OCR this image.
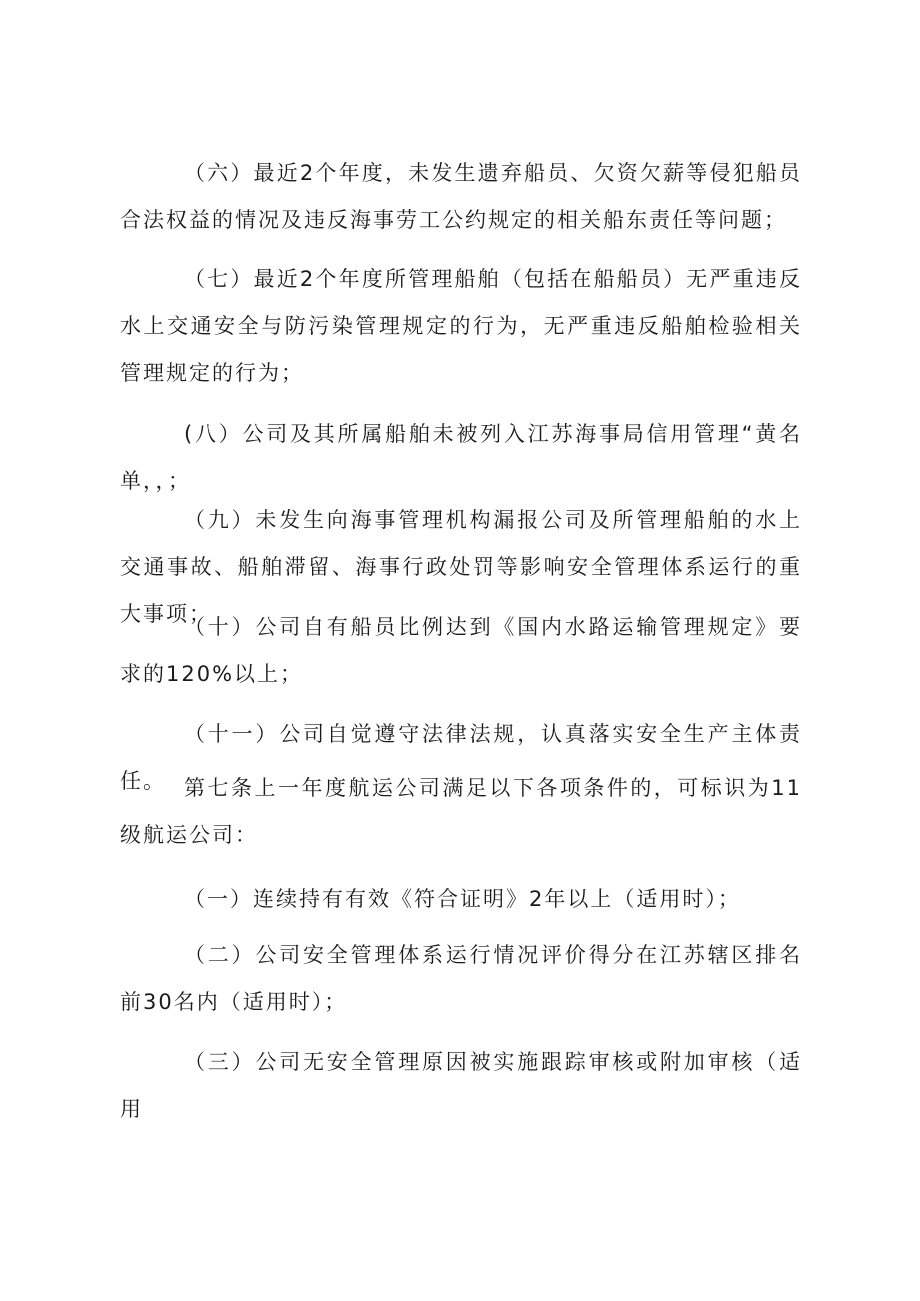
（六）最近2个年度，未发生遗弃船员、欠资欠薪等侵犯船员合法权益的情况及违反海事劳工公约规定的相关船东责任等问题；

（七）最近2个年度所管理船舶（包括在船船员）无严重违反水上交通安全与防污染管理规定的行为，无严重违反船舶检验相关管理规定的行为；

(八）公司及其所属船舶未被列入江苏海事局信用管理“黄名单，，；

（九）未发生向海事管理机构漏报公司及所管理船舶的水上交通事故、船舶滞留、海事行政处罚等影响安全管理体系运行的重大事项；

（十）公司自有船员比例达到《国内水路运输管理规定》要求的120%以上；

（十一）公司自觉遵守法律法规，认真落实安全生产主体责任。 第七条上一年度航运公司满足以下各项条件的，可标识为11级航运公司：

（一）连续持有有效《符合证明》2年以上（适用时）；

（二）公司安全管理体系运行情况评价得分在江苏辖区排名前30名内（适用时）；

（三）公司无安全管理原因被实施跟踪审核或附加审核（适用
